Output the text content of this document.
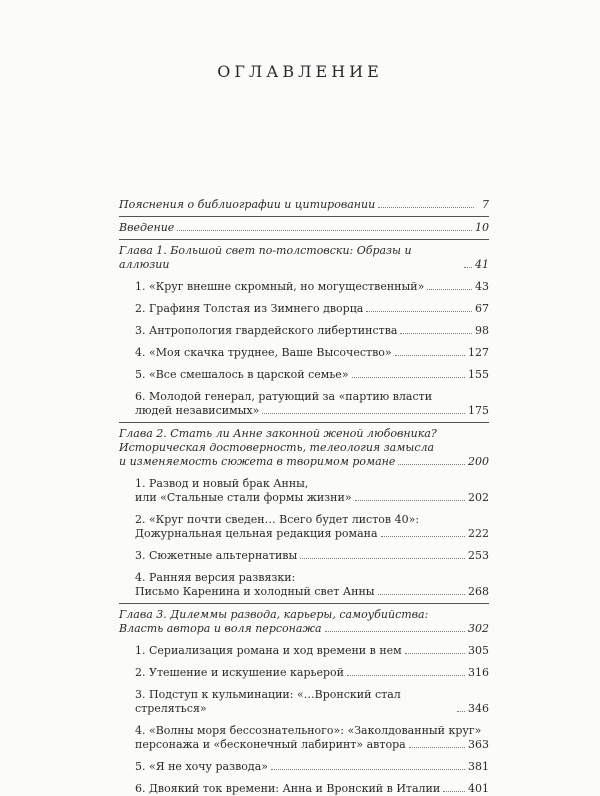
ОГЛАВЛЕНИЕ
Пояснения о библиографии и цитировании	7
Введение	10
Глава 1. Большой свет по-толстовски: Образы и аллюзии	41
1. «Круг внешне скромный, но могущественный»	43
2. Графиня Толстая из Зимнего дворца	67
3. Антропология гвардейского либертинства	98
4. «Моя скачка труднее, Ваше Высочество»	127
5. «Все смешалось в царской семье»	155
6. Молодой генерал, ратующий за «партию власти
людей независимых»	175
Глава 2. Стать ли Анне законной женой любовника?
Историческая достоверность, телеология замысла
и изменяемость сюжета в творимом романе	200
1. Развод и новый брак Анны,
или «Стальные стали формы жизни»	202
2. «Круг почти сведен… Всего будет листов 40»:
Дожурнальная цельная редакция романа	222
3. Сюжетные альтернативы	253
4. Ранняя версия развязки:
Письмо Каренина и холодный свет Анны	268
Глава 3. Дилеммы развода, карьеры, самоубийства:
Власть автора и воля персонажа	302
1. Сериализация романа и ход времени в нем	305
2. Утешение и искушение карьерой	316
3. Подступ к кульминации: «…Вронский стал стреляться»	346
4. «Волны моря бессознательного»: «Заколдованный круг»
персонажа и «бесконечный лабиринт» автора	363
5. «Я не хочу развода»	381
6. Двоякий ток времени: Анна и Вронский в Италии	401
